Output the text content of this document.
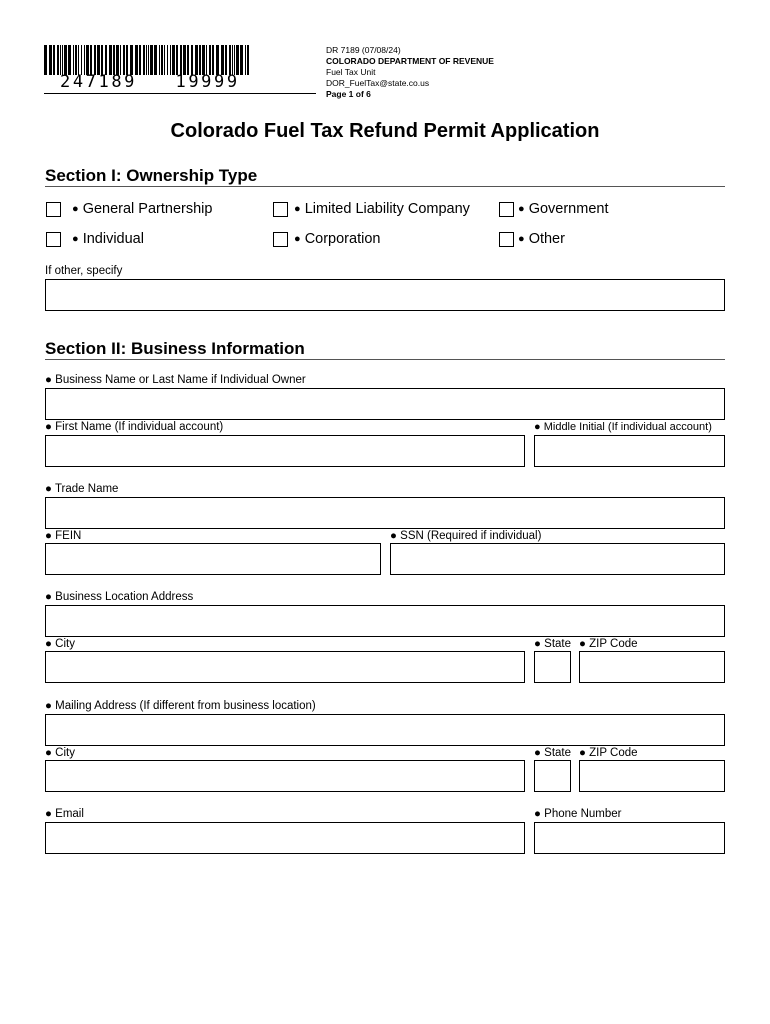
247189   19999
DR 7189 (07/08/24)
COLORADO DEPARTMENT OF REVENUE
Fuel Tax Unit
DOR_FuelTax@state.co.us
Page 1 of 6
Colorado Fuel Tax Refund Permit Application
Section I: Ownership Type
● General Partnership	● Limited Liability Company	● Government
● Individual	● Corporation	● Other
If other, specify
Section II: Business Information
● Business Name or Last Name if Individual Owner
● First Name (If individual account)	● Middle Initial (If individual account)
● Trade Name
● FEIN	● SSN (Required if individual)
● Business Location Address
● City	● State ● ZIP Code
● Mailing Address (If different from business location)
● City	● State ● ZIP Code
● Email	● Phone Number
